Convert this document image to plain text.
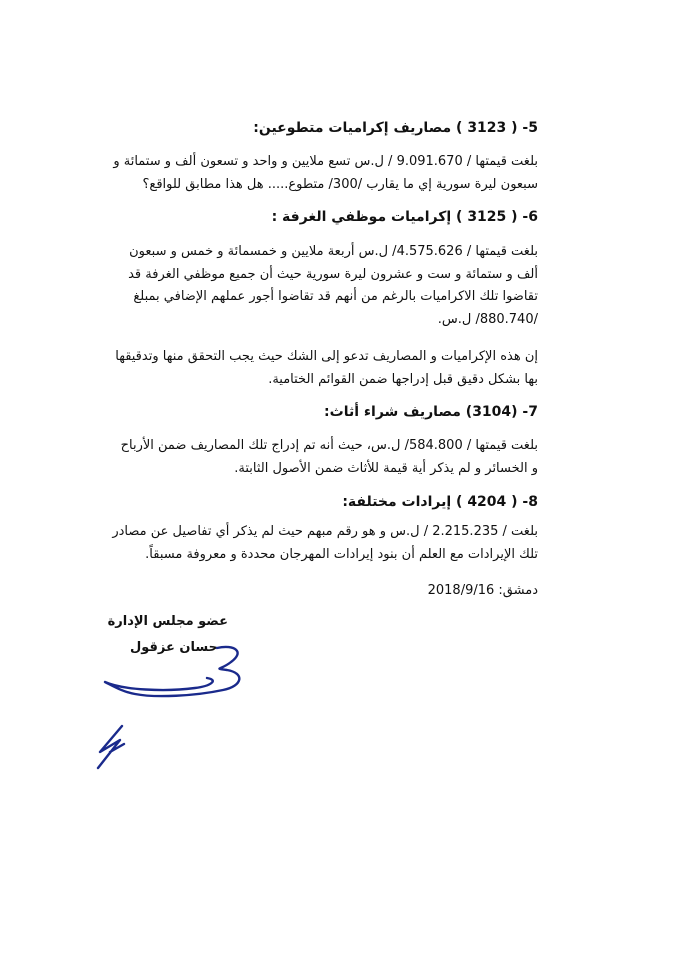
5- ( 3123 ) مصاريف إكراميات متطوعين:
بلغت قيمتها / 9.091.670 / ل.س تسع ملايين و واحد و تسعون ألف و ستمائة و
سبعون ليرة سورية إي ما يقارب /300/ متطوع..... هل هذا مطابق للواقع؟
6- ( 3125 ) إكراميات موظفي الغرفة :
بلغت قيمتها / 4.575.626/ ل.س أربعة ملايين و خمسمائة و خمس و سبعون
ألف و ستمائة و ست و عشرون ليرة سورية حيث أن جميع موظفي الغرفة قد
تقاضوا تلك الاكراميات بالرغم من أنهم قد تقاضوا أجور عملهم الإضافي بمبلغ
/880.740/ ل.س.
إن هذه الإكراميات و المصاريف تدعو إلى الشك حيث يجب التحقق منها وتدقيقها
بها بشكل دقيق قبل إدراجها ضمن القوائم الختامية.
7- (3104) مصاريف شراء أثاث:
بلغت قيمتها / 584.800/ ل.س، حيث أنه تم إدراج تلك المصاريف ضمن الأرباح
و الخسائر و لم يذكر أية قيمة للأثاث ضمن الأصول الثابتة.
8- ( 4204 ) إيرادات مختلفة:
بلغت / 2.215.235 / ل.س و هو رقم مبهم حيث لم يذكر أي تفاصيل عن مصادر
تلك الإيرادات مع العلم أن بنود إيرادات المهرجان محددة و معروفة مسبقاً.
دمشق: 2018/9/16
عضو مجلس الإدارة
حسان عزقول
